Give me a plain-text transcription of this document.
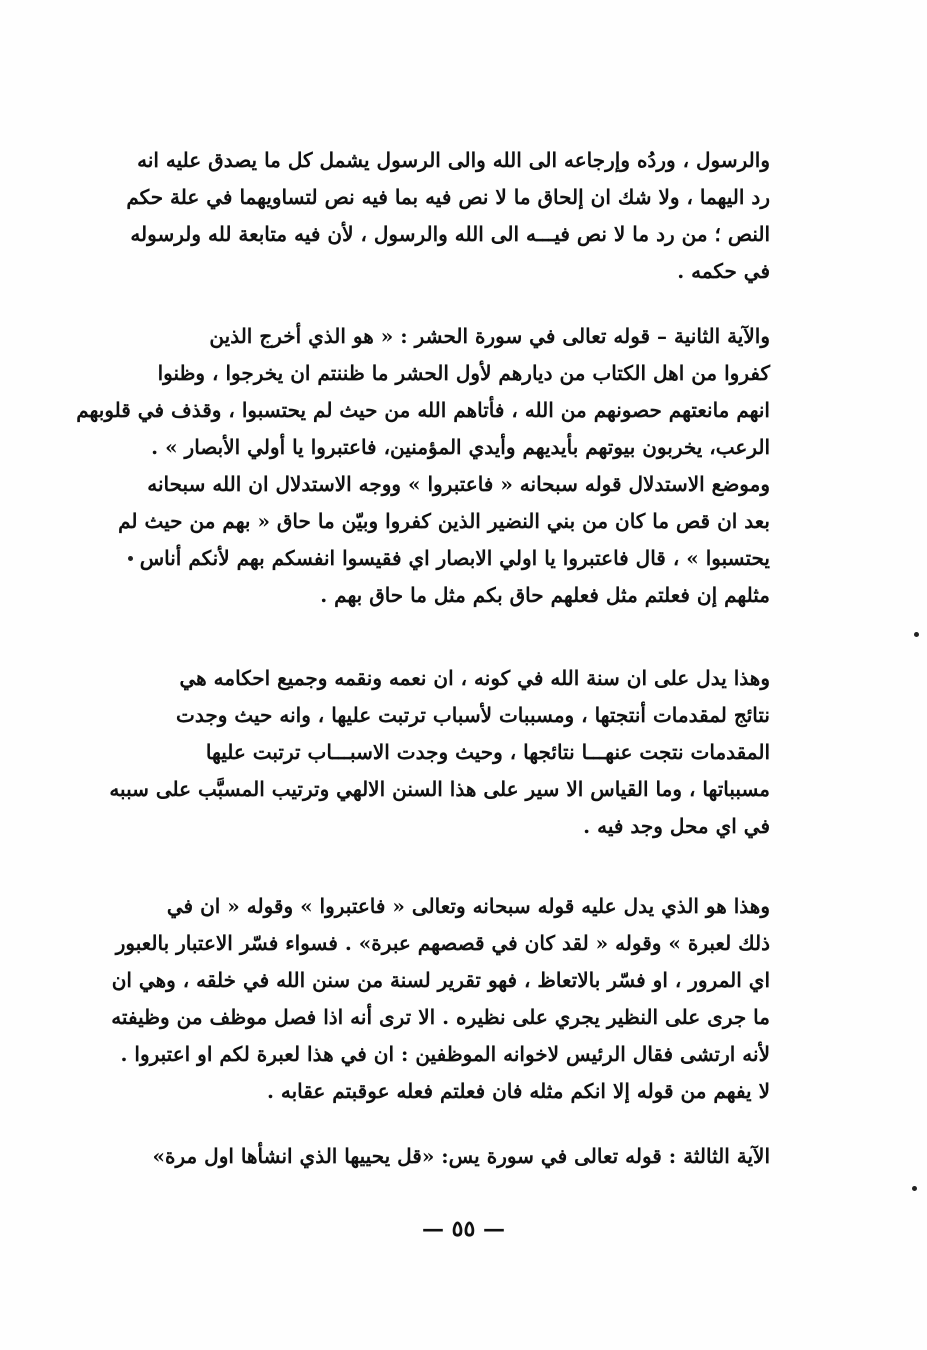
والرسول ، وردُه وإرجاعه الى الله والى الرسول يشمل كل ما يصدق عليه انه
رد اليهما ، ولا شك ان إلحاق ما لا نص فيه بما فيه نص لتساويهما في علة حكم
النص ؛ من رد ما لا نص فيـــه الى الله والرسول ، لأن فيه متابعة لله ولرسوله
في حكمه .
والآية الثانية – قوله تعالى في سورة الحشر : « هو الذي أخرج الذين
كفروا من اهل الكتاب من ديارهم لأول الحشر ما ظننتم ان يخرجوا ، وظنوا
انهم مانعتهم حصونهم من الله ، فأتاهم الله من حيث لم يحتسبوا ، وقذف في قلوبهم
الرعب، يخربون بيوتهم بأيديهم وأيدي المؤمنين، فاعتبروا يا أولي الأبصار » .
وموضع الاستدلال قوله سبحانه « فاعتبروا » ووجه الاستدلال ان الله سبحانه
بعد ان قص ما كان من بني النضير الذين كفروا وبيّن ما حاق « بهم من حيث لم
يحتسبوا » ، قال فاعتبروا يا اولي الابصار اي فقيسوا انفسكم بهم لأنكم أناس
مثلهم إن فعلتم مثل فعلهم حاق بكم مثل ما حاق بهم .
وهذا يدل على ان سنة الله في كونه ، ان نعمه ونقمه وجميع احكامه هي
نتائج لمقدمات أنتجتها ، ومسببات لأسباب ترتبت عليها ، وانه حيث وجدت
المقدمات نتجت عنهـــا نتائجها ، وحيث وجدت الاسبـــاب ترتبت عليها
مسبباتها ، وما القياس الا سير على هذا السنن الالهي وترتيب المسبَّب على سببه
في اي محل وجد فيه .
وهذا هو الذي يدل عليه قوله سبحانه وتعالى « فاعتبروا » وقوله « ان في
ذلك لعبرة » وقوله « لقد كان في قصصهم عبرة» . فسواء فسّر الاعتبار بالعبور
اي المرور ، او فسّر بالاتعاظ ، فهو تقرير لسنة من سنن الله في خلقه ، وهي ان
ما جرى على النظير يجري على نظيره . الا ترى أنه اذا فصل موظف من وظيفته
لأنه ارتشى فقال الرئيس لاخوانه الموظفين : ان في هذا لعبرة لكم او اعتبروا .
لا يفهم من قوله إلا انكم مثله فان فعلتم فعله عوقبتم عقابه .
الآية الثالثة : قوله تعالى في سورة يس: «قل يحييها الذي انشأها اول مرة»
— ٥٥ —
